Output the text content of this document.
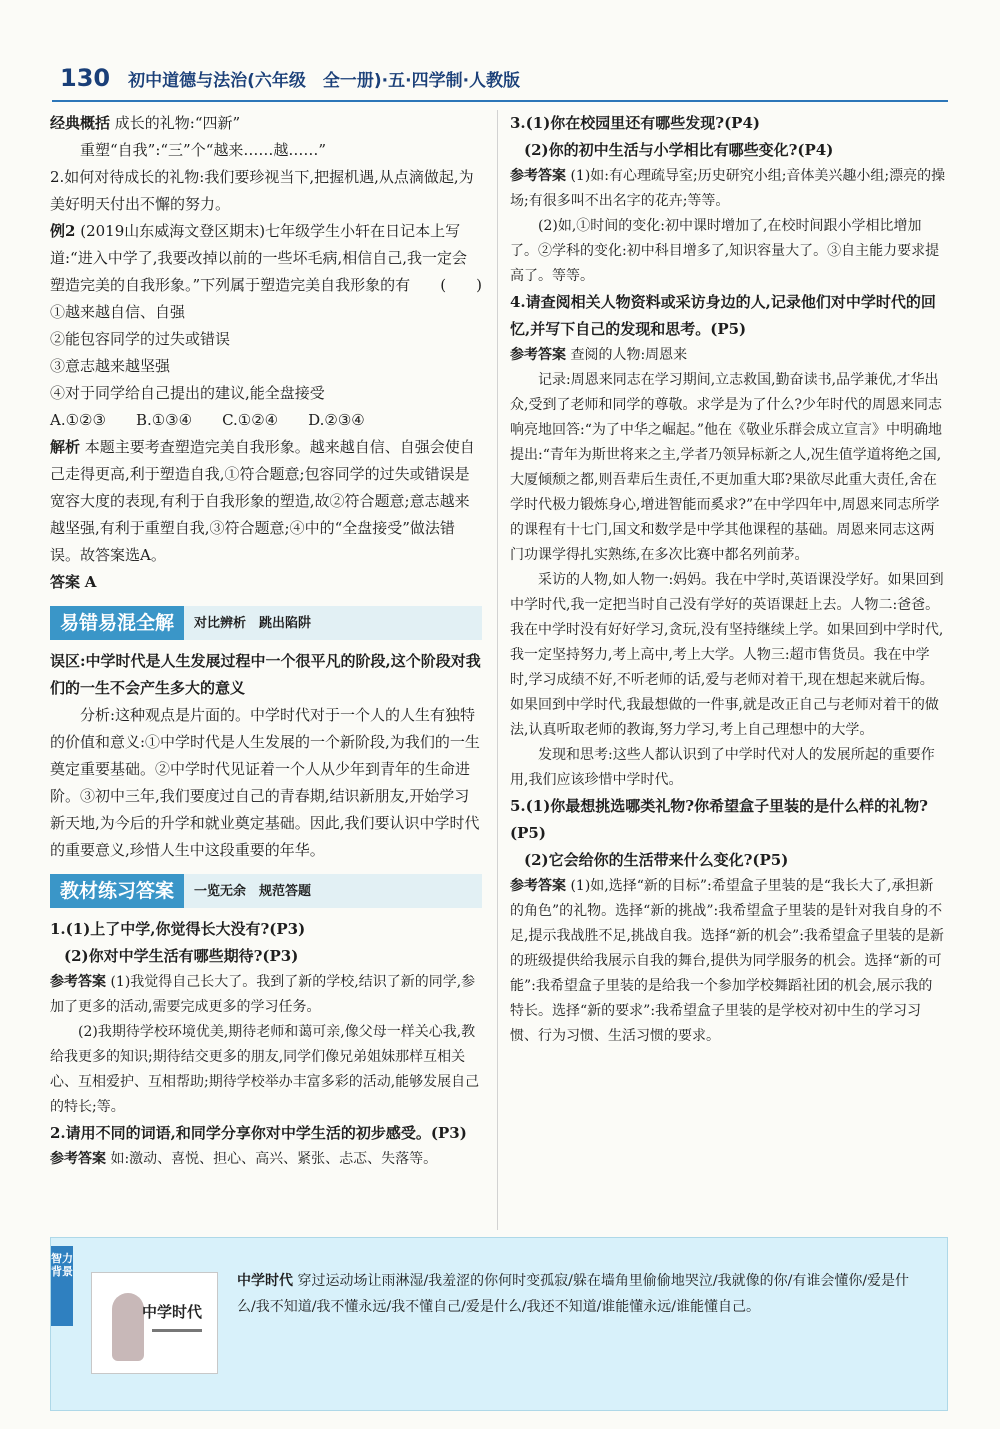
130 初中道德与法治(六年级　全一册)·五·四学制·人教版

经典概括 成长的礼物:“四新”

重塑“自我”:“三”个“越来……越……”

2.如何对待成长的礼物:我们要珍视当下,把握机遇,从点滴做起,为美好明天付出不懈的努力。

例2 (2019山东威海文登区期末)七年级学生小轩在日记本上写道:“进入中学了,我要改掉以前的一些坏毛病,相信自己,我一定会塑造完美的自我形象。”下列属于塑造完美自我形象的有 (　　)

①越来越自信、自强

②能包容同学的过失或错误

③意志越来越坚强

④对于同学给自己提出的建议,能全盘接受

A.①②③　　B.①③④　　C.①②④　　D.②③④

解析 本题主要考查塑造完美自我形象。越来越自信、自强会使自己走得更高,利于塑造自我,①符合题意;包容同学的过失或错误是宽容大度的表现,有利于自我形象的塑造,故②符合题意;意志越来越坚强,有利于重塑自我,③符合题意;④中的“全盘接受”做法错误。故答案选A。

答案 A

易错易混全解	对比辨析　跳出陷阱

误区:中学时代是人生发展过程中一个很平凡的阶段,这个阶段对我们的一生不会产生多大的意义

分析:这种观点是片面的。中学时代对于一个人的人生有独特的价值和意义:①中学时代是人生发展的一个新阶段,为我们的一生奠定重要基础。②中学时代见证着一个人从少年到青年的生命进阶。③初中三年,我们要度过自己的青春期,结识新朋友,开始学习新天地,为今后的升学和就业奠定基础。因此,我们要认识中学时代的重要意义,珍惜人生中这段重要的年华。

教材练习答案	一览无余　规范答题

1.(1)上了中学,你觉得长大没有?(P3)

(2)你对中学生活有哪些期待?(P3)

参考答案 (1)我觉得自己长大了。我到了新的学校,结识了新的同学,参加了更多的活动,需要完成更多的学习任务。

(2)我期待学校环境优美,期待老师和蔼可亲,像父母一样关心我,教给我更多的知识;期待结交更多的朋友,同学们像兄弟姐妹那样互相关心、互相爱护、互相帮助;期待学校举办丰富多彩的活动,能够发展自己的特长;等。

2.请用不同的词语,和同学分享你对中学生活的初步感受。(P3)

参考答案 如:激动、喜悦、担心、高兴、紧张、忐忑、失落等。

3.(1)你在校园里还有哪些发现?(P4)

(2)你的初中生活与小学相比有哪些变化?(P4)

参考答案 (1)如:有心理疏导室;历史研究小组;音体美兴趣小组;漂亮的操场;有很多叫不出名字的花卉;等等。

(2)如,①时间的变化:初中课时增加了,在校时间跟小学相比增加了。②学科的变化:初中科目增多了,知识容量大了。③自主能力要求提高了。等等。

4.请查阅相关人物资料或采访身边的人,记录他们对中学时代的回忆,并写下自己的发现和思考。(P5)

参考答案 查阅的人物:周恩来

记录:周恩来同志在学习期间,立志救国,勤奋读书,品学兼优,才华出众,受到了老师和同学的尊敬。求学是为了什么?少年时代的周恩来同志响亮地回答:“为了中华之崛起。”他在《敬业乐群会成立宣言》中明确地提出:“青年为斯世将来之主,学者乃领异标新之人,况生值学道将绝之国,大厦倾颓之都,则吾辈后生责任,不更加重大耶?果欲尽此重大责任,舍在学时代极力锻炼身心,增进智能而奚求?”在中学四年中,周恩来同志所学的课程有十七门,国文和数学是中学其他课程的基础。周恩来同志这两门功课学得扎实熟练,在多次比赛中都名列前茅。

采访的人物,如人物一:妈妈。我在中学时,英语课没学好。如果回到中学时代,我一定把当时自己没有学好的英语课赶上去。人物二:爸爸。我在中学时没有好好学习,贪玩,没有坚持继续上学。如果回到中学时代,我一定坚持努力,考上高中,考上大学。人物三:超市售货员。我在中学时,学习成绩不好,不听老师的话,爱与老师对着干,现在想起来就后悔。如果回到中学时代,我最想做的一件事,就是改正自己与老师对着干的做法,认真听取老师的教诲,努力学习,考上自己理想中的大学。

发现和思考:这些人都认识到了中学时代对人的发展所起的重要作用,我们应该珍惜中学时代。

5.(1)你最想挑选哪类礼物?你希望盒子里装的是什么样的礼物?(P5)

(2)它会给你的生活带来什么变化?(P5)

参考答案 (1)如,选择“新的目标”:希望盒子里装的是“我长大了,承担新的角色”的礼物。选择“新的挑战”:我希望盒子里装的是针对我自身的不足,提示我战胜不足,挑战自我。选择“新的机会”:我希望盒子里装的是新的班级提供给我展示自我的舞台,提供为同学服务的机会。选择“新的可能”:我希望盒子里装的是给我一个参加学校舞蹈社团的机会,展示我的特长。选择“新的要求”:我希望盒子里装的是学校对初中生的学习习惯、行为习惯、生活习惯的要求。

智力背景
中学时代

中学时代 穿过运动场让雨淋湿/我羞涩的你何时变孤寂/躲在墙角里偷偷地哭泣/我就像的你/有谁会懂你/爱是什么/我不知道/我不懂永远/我不懂自己/爱是什么/我还不知道/谁能懂永远/谁能懂自己。
